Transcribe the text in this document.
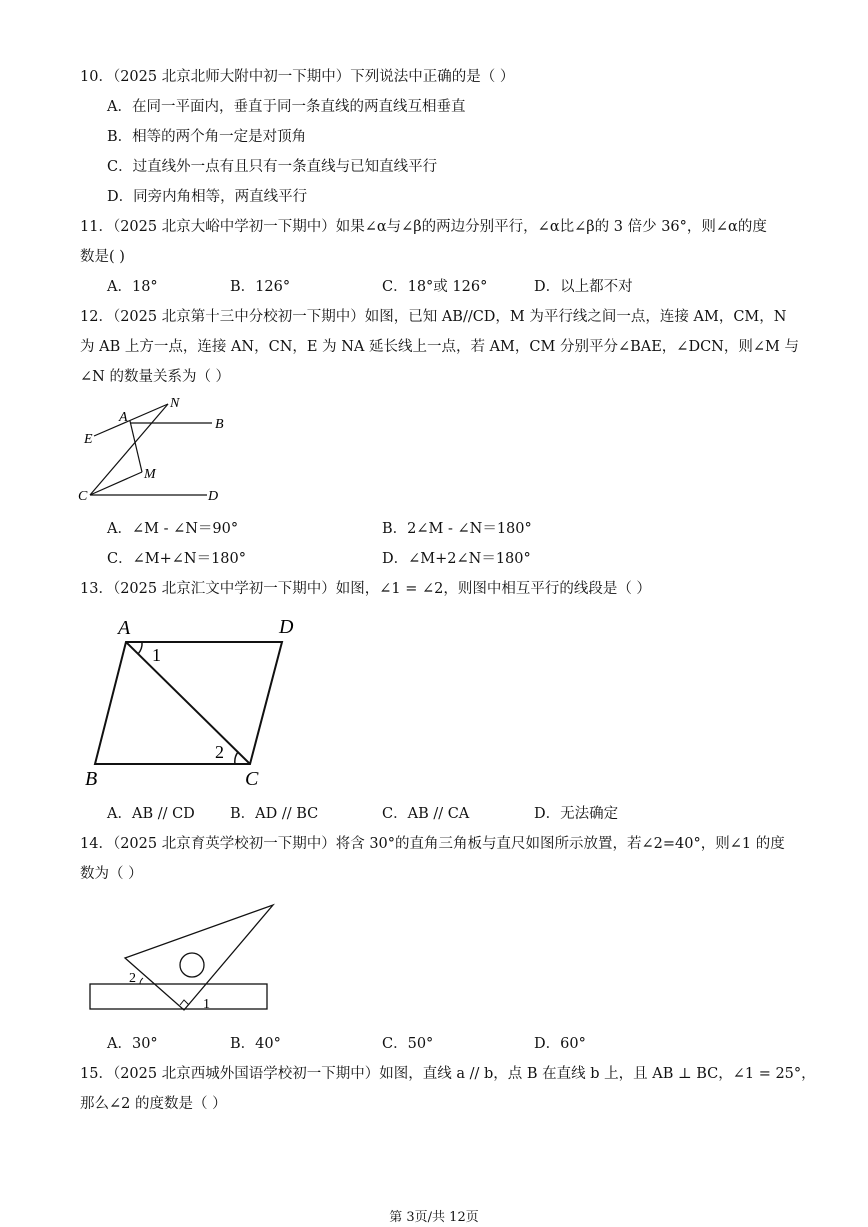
10．（2025 北京北师大附中初一下期中）下列说法中正确的是（ ）
A．在同一平面内，垂直于同一条直线的两直线互相垂直
B．相等的两个角一定是对顶角
C．过直线外一点有且只有一条直线与已知直线平行
D．同旁内角相等，两直线平行
11．（2025 北京大峪中学初一下期中）如果∠α与∠β的两边分别平行，∠α比∠β的 3 倍少 36°，则∠α的度
数是( )
A．18°	B．126°	C．18°或 126°	D．以上都不对
12．（2025 北京第十三中分校初一下期中）如图，已知 AB//CD，M 为平行线之间一点，连接 AM，CM，N
为 AB 上方一点，连接 AN，CN，E 为 NA 延长线上一点，若 AM，CM 分别平分∠BAE，∠DCN，则∠M 与
∠N 的数量关系为（ ）
A
N
B
E
M
C	D
A．∠M - ∠N＝90°	B．2∠M - ∠N＝180°
C．∠M+∠N＝180°	D．∠M+2∠N＝180°
13．（2025 北京汇文中学初一下期中）如图，∠1 = ∠2，则图中相互平行的线段是（ ）
A	D
B	C
1
2
A．AB // CD B．AD // BC	C．AB // CA	D．无法确定
14．（2025 北京育英学校初一下期中）将含 30°的直角三角板与直尺如图所示放置，若∠2=40°，则∠1 的度
数为（ ）
2
1
A．30°	B．40°	C．50°	D．60°
15．（2025 北京西城外国语学校初一下期中）如图，直线 a // b，点 B 在直线 b 上，且 AB ⊥ BC，∠1 = 25°，
那么∠2 的度数是（ ）
第 3页/共 12页
